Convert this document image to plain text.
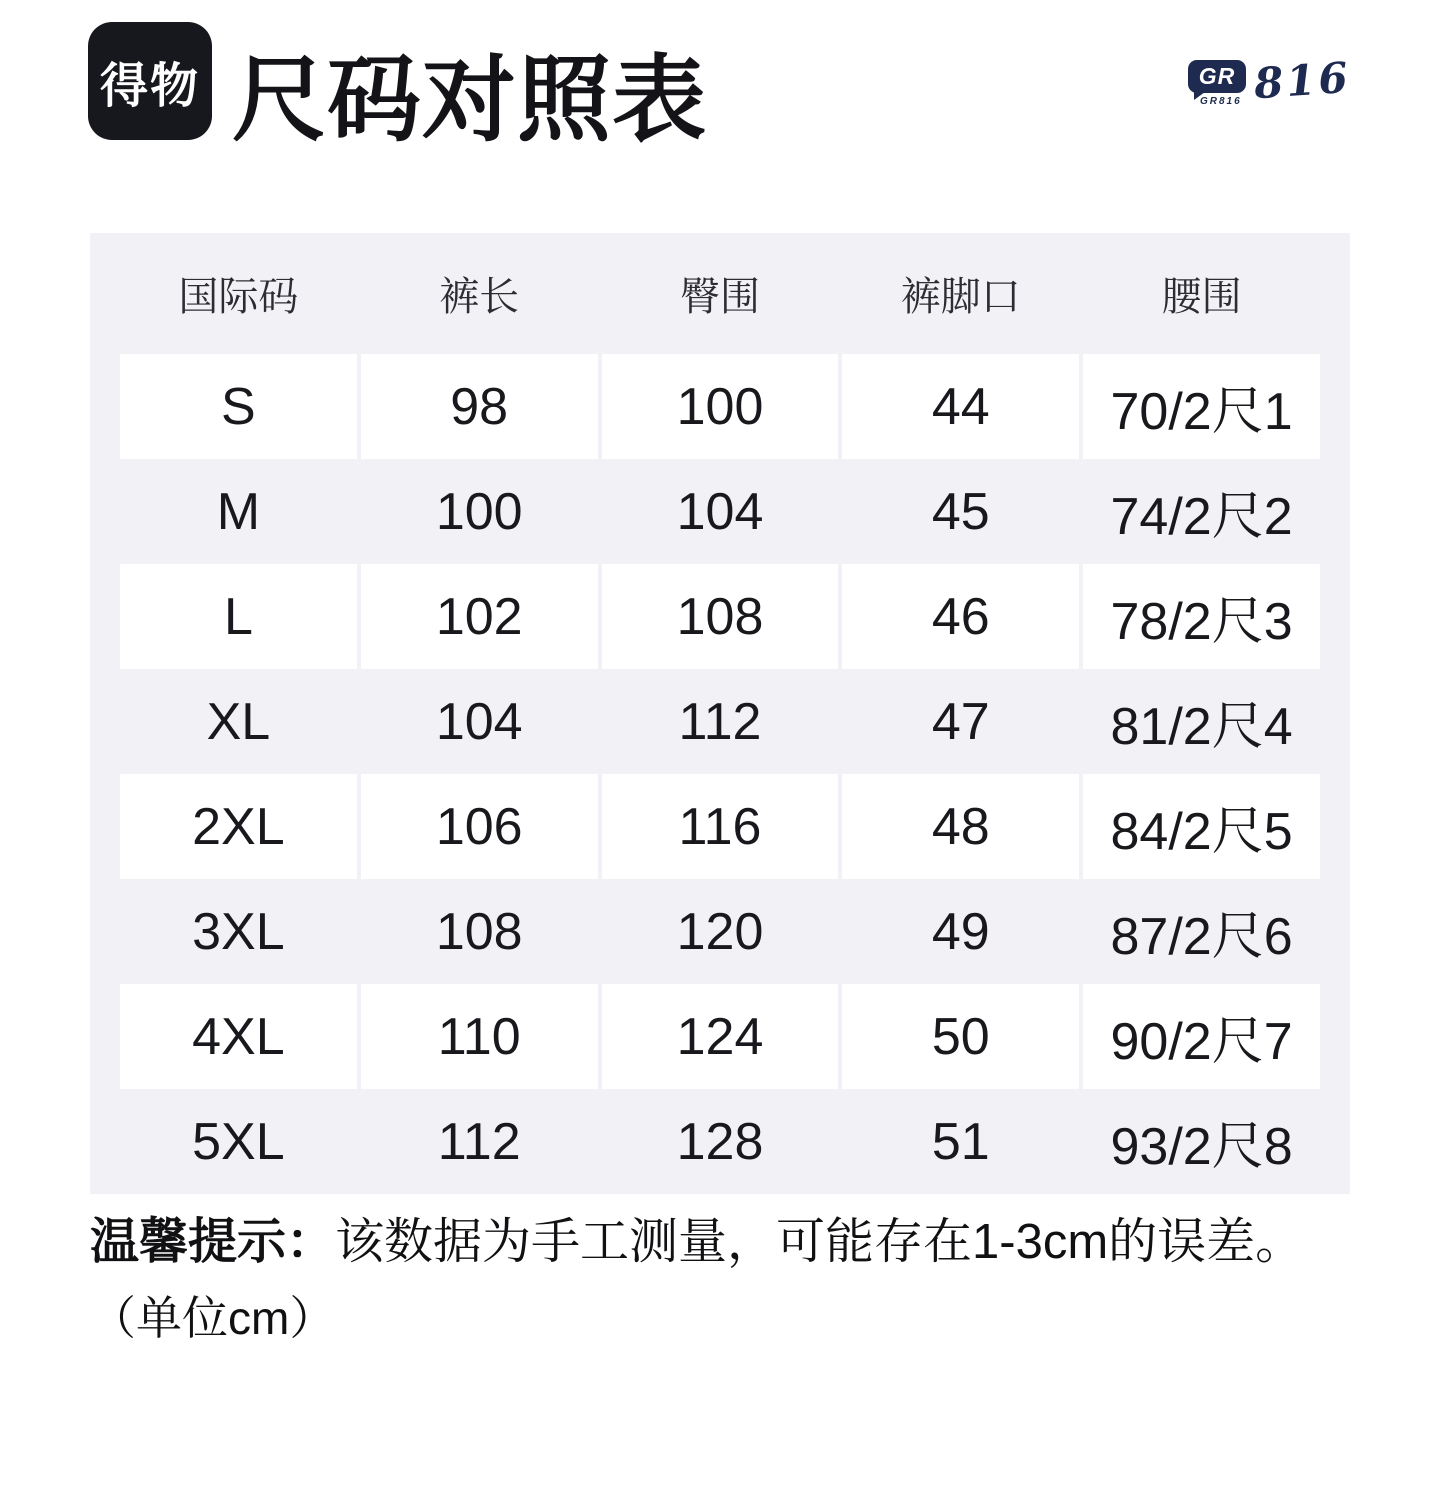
得物 尺码对照表	GR
GR816 816
国际码	裤长	臀围	裤脚口	腰围
S	98	100	44	70/2尺1
M	100	104	45	74/2尺2
L	102	108	46	78/2尺3
XL	104	112	47	81/2尺4
2XL	106	116	48	84/2尺5
3XL	108	120	49	87/2尺6
4XL	110	124	50	90/2尺7
5XL	112	128	51	93/2尺8
温馨提示：该数据为手工测量，可能存在1-3cm的误差。
（单位cm）
